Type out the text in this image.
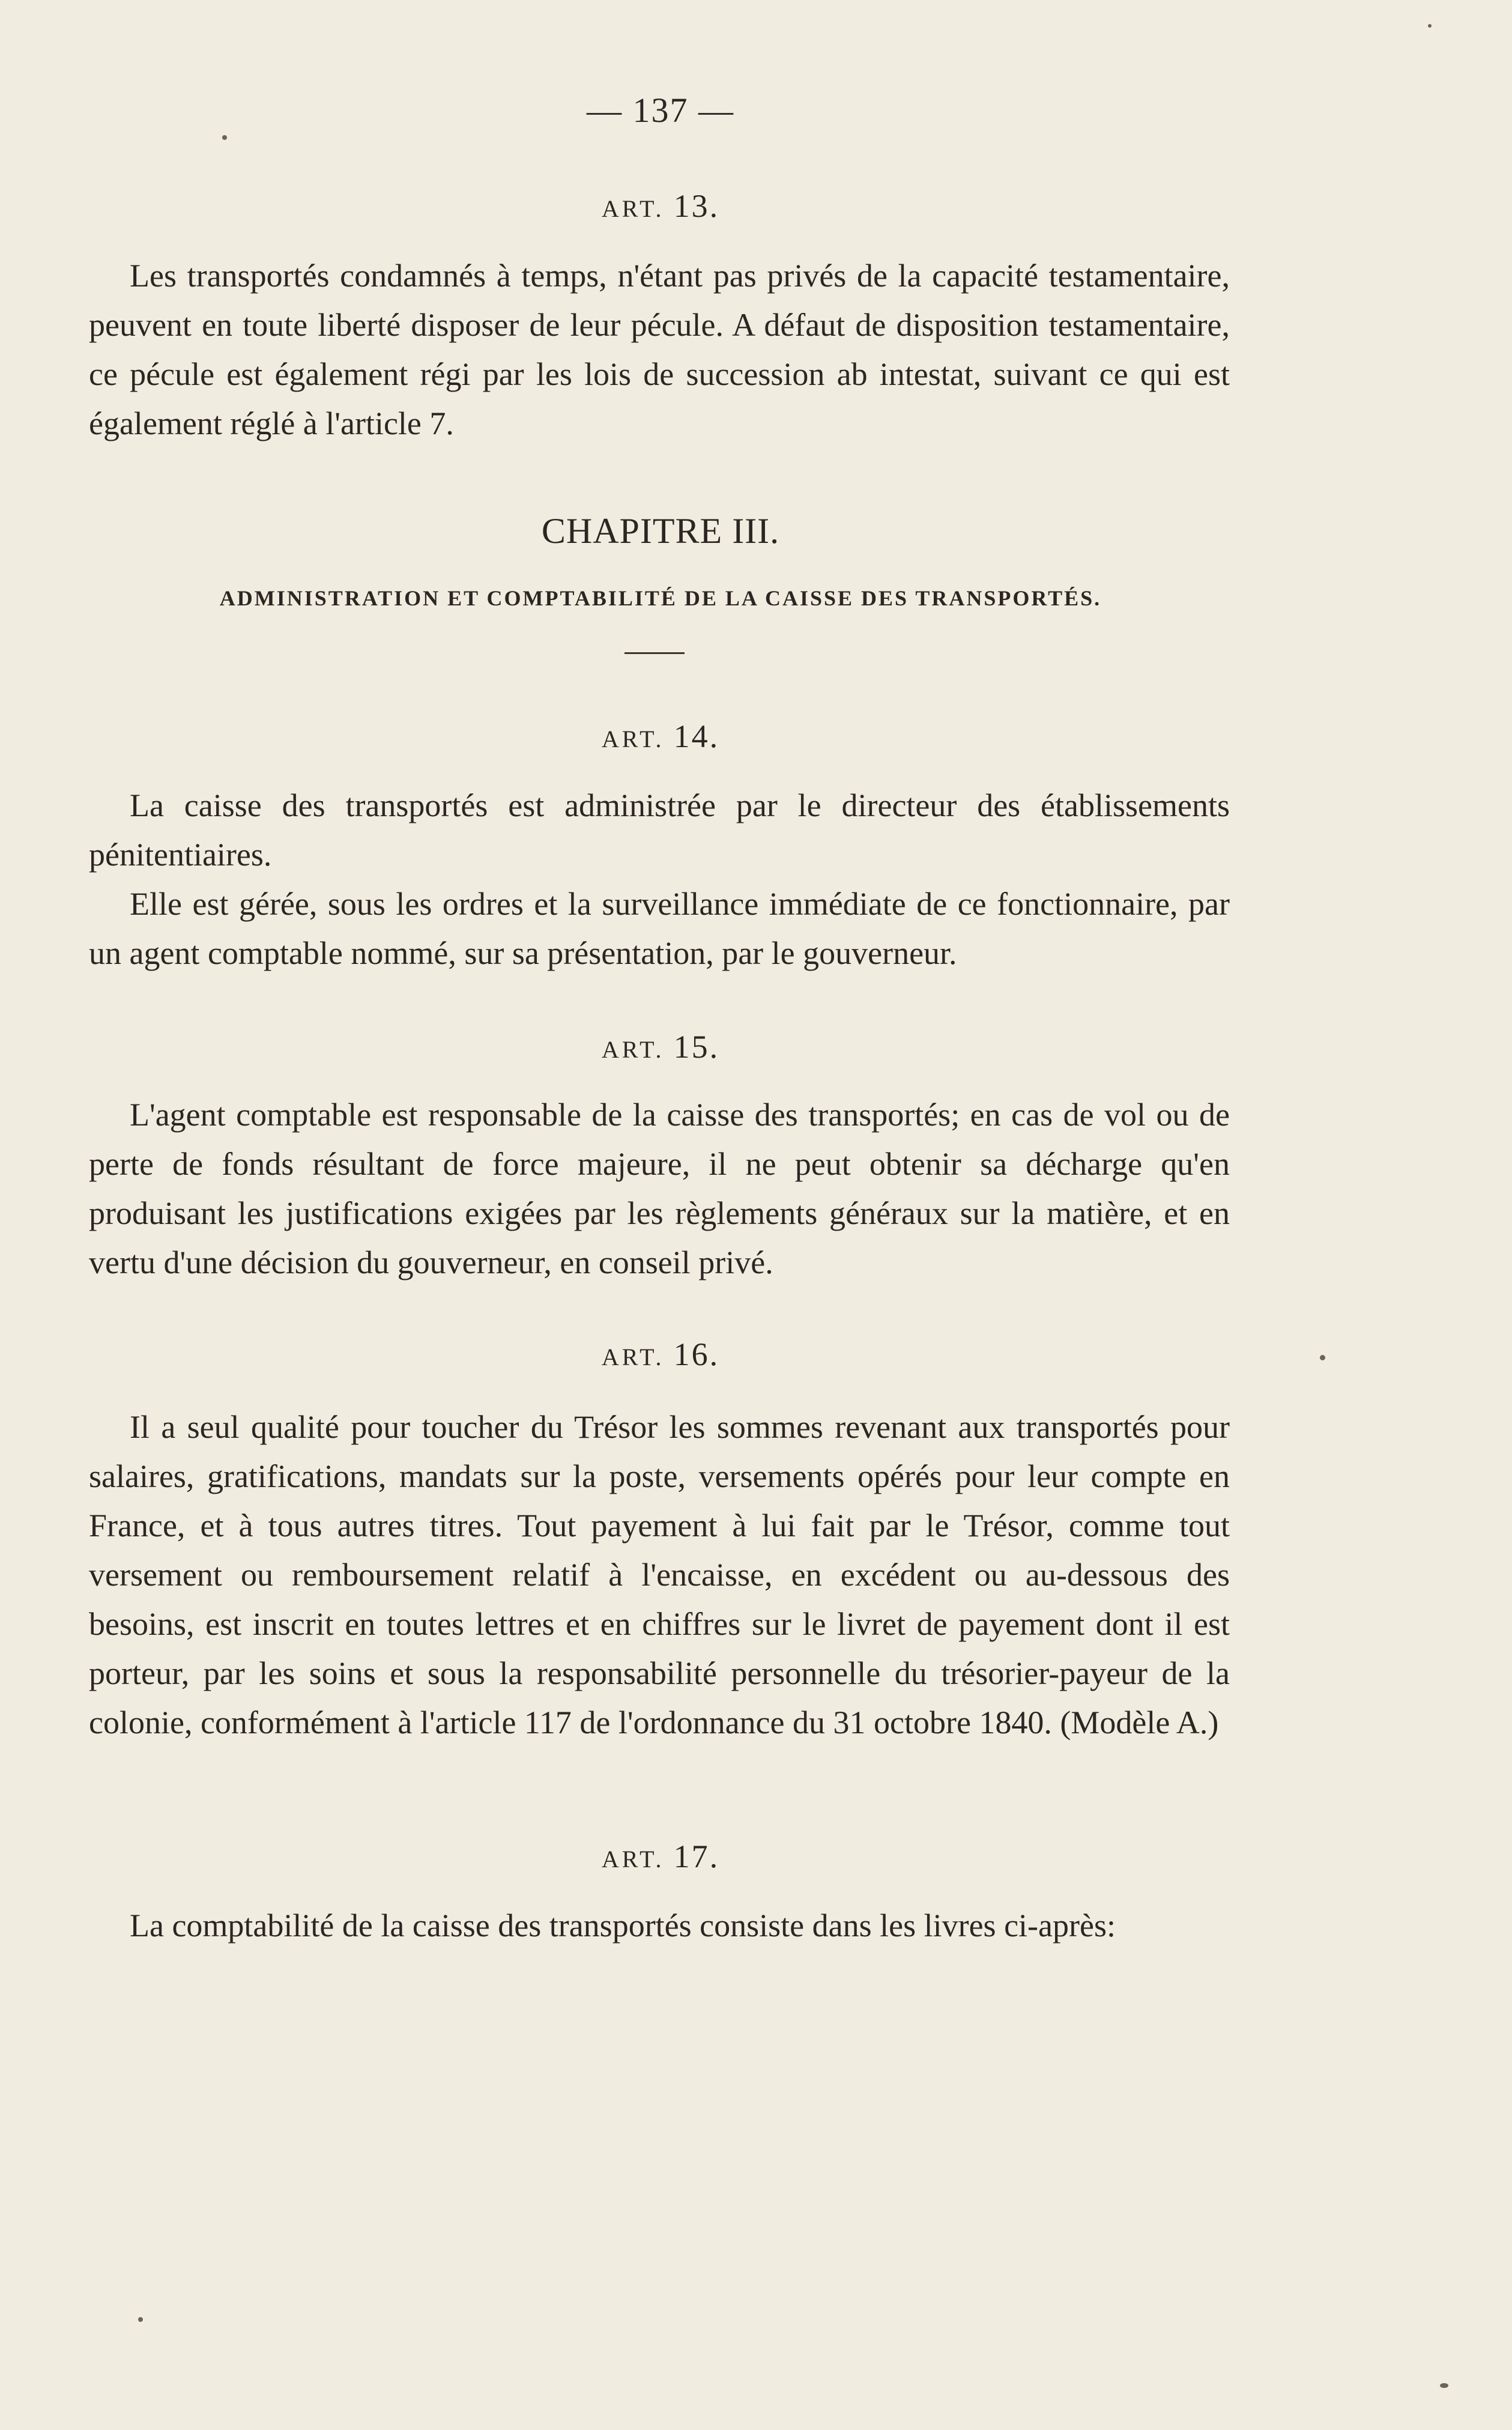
— 137 —
ART. 13.

Les transportés condamnés à temps, n'étant pas privés de la capacité testamentaire, peuvent en toute liberté disposer de leur pécule. A défaut de disposition testamentaire, ce pécule est également régi par les lois de succession ab intestat, suivant ce qui est également réglé à l'article 7.

CHAPITRE III.
ADMINISTRATION ET COMPTABILITÉ DE LA CAISSE DES TRANSPORTÉS.
ART. 14.

La caisse des transportés est administrée par le directeur des établissements pénitentiaires.

Elle est gérée, sous les ordres et la surveillance immédiate de ce fonctionnaire, par un agent comptable nommé, sur sa présentation, par le gouverneur.

ART. 15.

L'agent comptable est responsable de la caisse des transportés; en cas de vol ou de perte de fonds résultant de force majeure, il ne peut obtenir sa décharge qu'en produisant les justifications exigées par les règlements généraux sur la matière, et en vertu d'une décision du gouverneur, en conseil privé.

ART. 16.

Il a seul qualité pour toucher du Trésor les sommes revenant aux transportés pour salaires, gratifications, mandats sur la poste, versements opérés pour leur compte en France, et à tous autres titres. Tout payement à lui fait par le Trésor, comme tout versement ou remboursement relatif à l'encaisse, en excédent ou au-dessous des besoins, est inscrit en toutes lettres et en chiffres sur le livret de payement dont il est porteur, par les soins et sous la responsabilité personnelle du trésorier-payeur de la colonie, conformément à l'article 117 de l'ordonnance du 31 octobre 1840. (Modèle A.)

ART. 17.

La comptabilité de la caisse des transportés consiste dans les livres ci-après:
